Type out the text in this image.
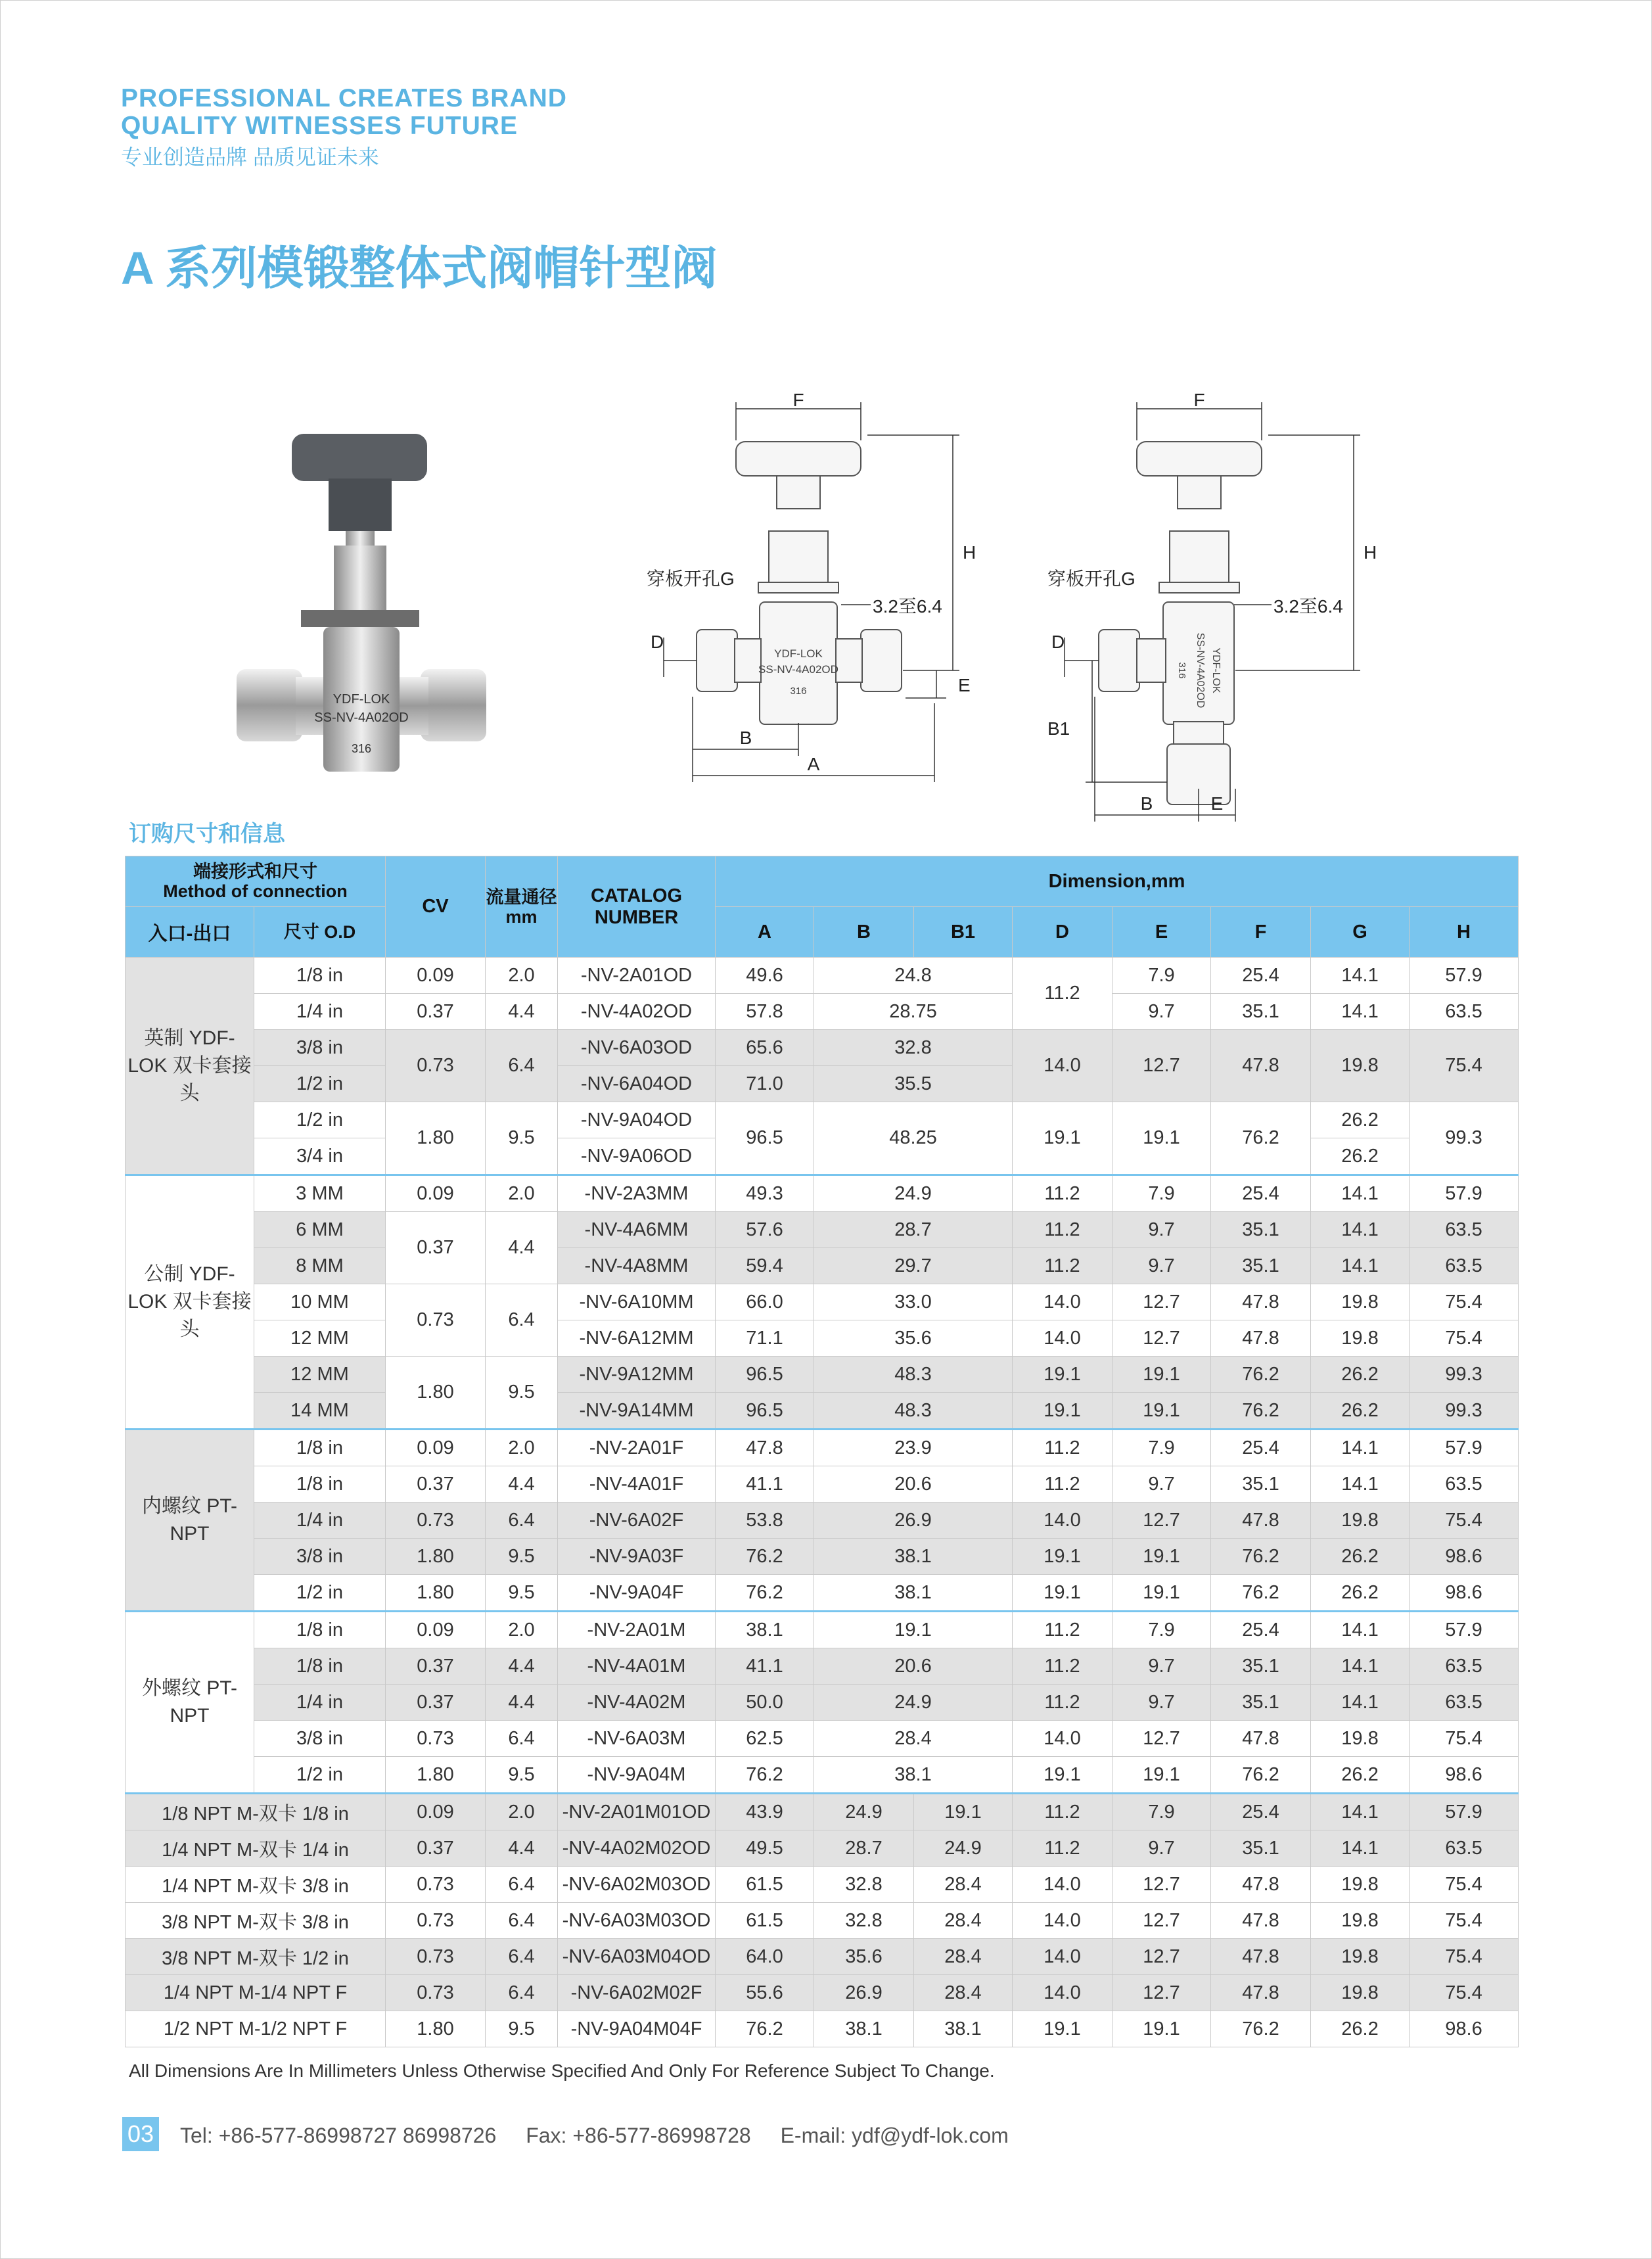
PROFESSIONAL CREATES BRAND
QUALITY WITNESSES FUTURE
专业创造品牌 品质见证未来
A 系列模锻整体式阀帽针型阀
YDF-LOK
SS-NV-4A02OD
316
F
H
D
E
B
A
穿板开孔G
3.2至6.4
YDF-LOK
SS-NV-4A02OD
316
F
H
D
B1
B	E
穿板开孔G
3.2至6.4
YDF-LOK
SS-NV-4A02OD
316
订购尺寸和信息
端接形式和尺寸
Method of connection		CV	流量通径mm	CATALOG NUMBER	Dimension,mm							
入口-出口	尺寸 O.D				A	B	B1	D	E	F	G	H
英制 YDF-LOK 双卡套接头	1/8 in	0.09	2.0	-NV-2A01OD	49.6	24.8		11.2	7.9	25.4	14.1	57.9
	1/4 in	0.37	4.4	-NV-4A02OD	57.8	28.75			9.7	35.1	14.1	63.5
	3/8 in	0.73	6.4	-NV-6A03OD	65.6	32.8		14.0	12.7	47.8	19.8	75.4
	1/2 in			-NV-6A04OD	71.0	35.5						
	1/2 in	1.80	9.5	-NV-9A04OD	96.5	48.25		19.1	19.1	76.2	26.2	99.3
	3/4 in			-NV-9A06OD							26.2	
公制 YDF-LOK 双卡套接头	3 MM	0.09	2.0	-NV-2A3MM	49.3	24.9		11.2	7.9	25.4	14.1	57.9
	6 MM	0.37	4.4	-NV-4A6MM	57.6	28.7		11.2	9.7	35.1	14.1	63.5
	8 MM			-NV-4A8MM	59.4	29.7		11.2	9.7	35.1	14.1	63.5
	10 MM	0.73	6.4	-NV-6A10MM	66.0	33.0		14.0	12.7	47.8	19.8	75.4
	12 MM			-NV-6A12MM	71.1	35.6		14.0	12.7	47.8	19.8	75.4
	12 MM	1.80	9.5	-NV-9A12MM	96.5	48.3		19.1	19.1	76.2	26.2	99.3
	14 MM			-NV-9A14MM	96.5	48.3		19.1	19.1	76.2	26.2	99.3
内螺纹 PT-NPT	1/8 in	0.09	2.0	-NV-2A01F	47.8	23.9		11.2	7.9	25.4	14.1	57.9
	1/8 in	0.37	4.4	-NV-4A01F	41.1	20.6		11.2	9.7	35.1	14.1	63.5
	1/4 in	0.73	6.4	-NV-6A02F	53.8	26.9		14.0	12.7	47.8	19.8	75.4
	3/8 in	1.80	9.5	-NV-9A03F	76.2	38.1		19.1	19.1	76.2	26.2	98.6
	1/2 in	1.80	9.5	-NV-9A04F	76.2	38.1		19.1	19.1	76.2	26.2	98.6
外螺纹 PT-NPT	1/8 in	0.09	2.0	-NV-2A01M	38.1	19.1		11.2	7.9	25.4	14.1	57.9
	1/8 in	0.37	4.4	-NV-4A01M	41.1	20.6		11.2	9.7	35.1	14.1	63.5
	1/4 in	0.37	4.4	-NV-4A02M	50.0	24.9		11.2	9.7	35.1	14.1	63.5
	3/8 in	0.73	6.4	-NV-6A03M	62.5	28.4		14.0	12.7	47.8	19.8	75.4
	1/2 in	1.80	9.5	-NV-9A04M	76.2	38.1		19.1	19.1	76.2	26.2	98.6
1/8 NPT M-双卡 1/8 in		0.09	2.0	-NV-2A01M01OD	43.9	24.9	19.1	11.2	7.9	25.4	14.1	57.9
1/4 NPT M-双卡 1/4 in		0.37	4.4	-NV-4A02M02OD	49.5	28.7	24.9	11.2	9.7	35.1	14.1	63.5
1/4 NPT M-双卡 3/8 in		0.73	6.4	-NV-6A02M03OD	61.5	32.8	28.4	14.0	12.7	47.8	19.8	75.4
3/8 NPT M-双卡 3/8 in		0.73	6.4	-NV-6A03M03OD	61.5	32.8	28.4	14.0	12.7	47.8	19.8	75.4
3/8 NPT M-双卡 1/2 in		0.73	6.4	-NV-6A03M04OD	64.0	35.6	28.4	14.0	12.7	47.8	19.8	75.4
1/4 NPT M-1/4 NPT F		0.73	6.4	-NV-6A02M02F	55.6	26.9	28.4	14.0	12.7	47.8	19.8	75.4
1/2 NPT M-1/2 NPT F		1.80	9.5	-NV-9A04M04F	76.2	38.1	38.1	19.1	19.1	76.2	26.2	98.6
All Dimensions Are In Millimeters Unless Otherwise Specified And Only For Reference Subject To Change.
03 Tel: +86-577-86998727 86998726 Fax: +86-577-86998728 E-mail: ydf@ydf-lok.com
